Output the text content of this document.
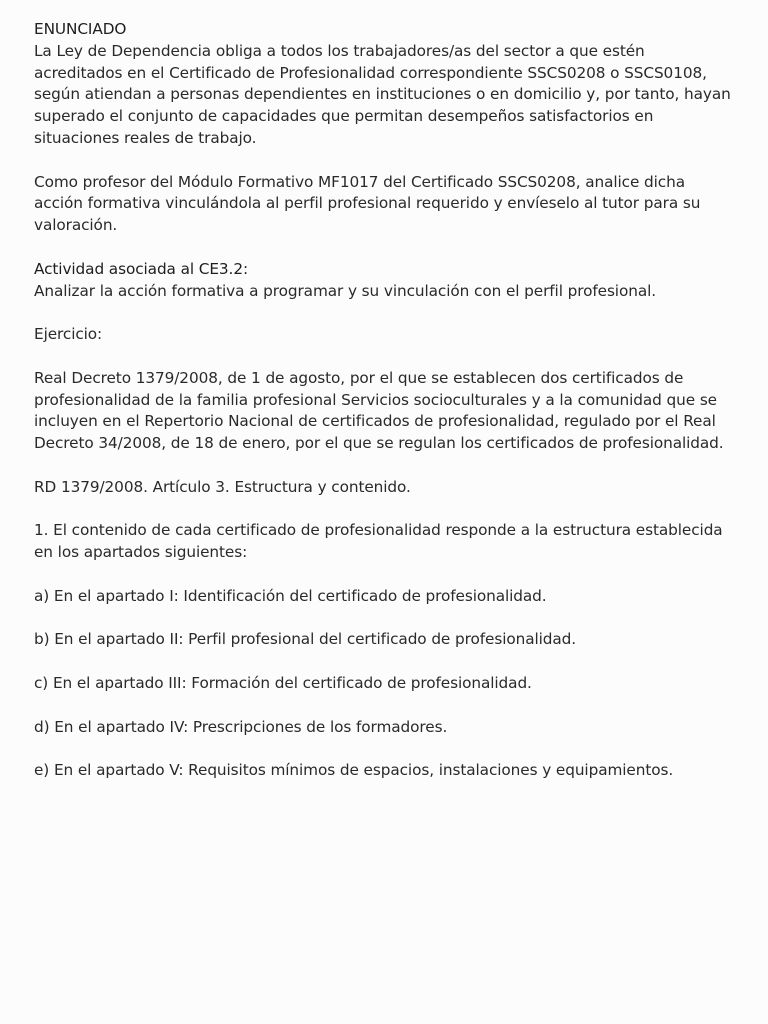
ENUNCIADO
La Ley de Dependencia obliga a todos los trabajadores/as del sector a que estén
acreditados en el Certificado de Profesionalidad correspondiente SSCS0208 o SSCS0108,
según atiendan a personas dependientes en instituciones o en domicilio y, por tanto, hayan
superado el conjunto de capacidades que permitan desempeños satisfactorios en
situaciones reales de trabajo.
Como profesor del Módulo Formativo MF1017 del Certificado SSCS0208, analice dicha
acción formativa vinculándola al perfil profesional requerido y envíeselo al tutor para su
valoración.
Actividad asociada al CE3.2:
Analizar la acción formativa a programar y su vinculación con el perfil profesional.
Ejercicio:
Real Decreto 1379/2008, de 1 de agosto, por el que se establecen dos certificados de
profesionalidad de la familia profesional Servicios socioculturales y a la comunidad que se
incluyen en el Repertorio Nacional de certificados de profesionalidad, regulado por el Real
Decreto 34/2008, de 18 de enero, por el que se regulan los certificados de profesionalidad.
RD 1379/2008. Artículo 3. Estructura y contenido.
1. El contenido de cada certificado de profesionalidad responde a la estructura establecida
en los apartados siguientes:
a) En el apartado I: Identificación del certificado de profesionalidad.
b) En el apartado II: Perfil profesional del certificado de profesionalidad.
c) En el apartado III: Formación del certificado de profesionalidad.
d) En el apartado IV: Prescripciones de los formadores.
e) En el apartado V: Requisitos mínimos de espacios, instalaciones y equipamientos.
